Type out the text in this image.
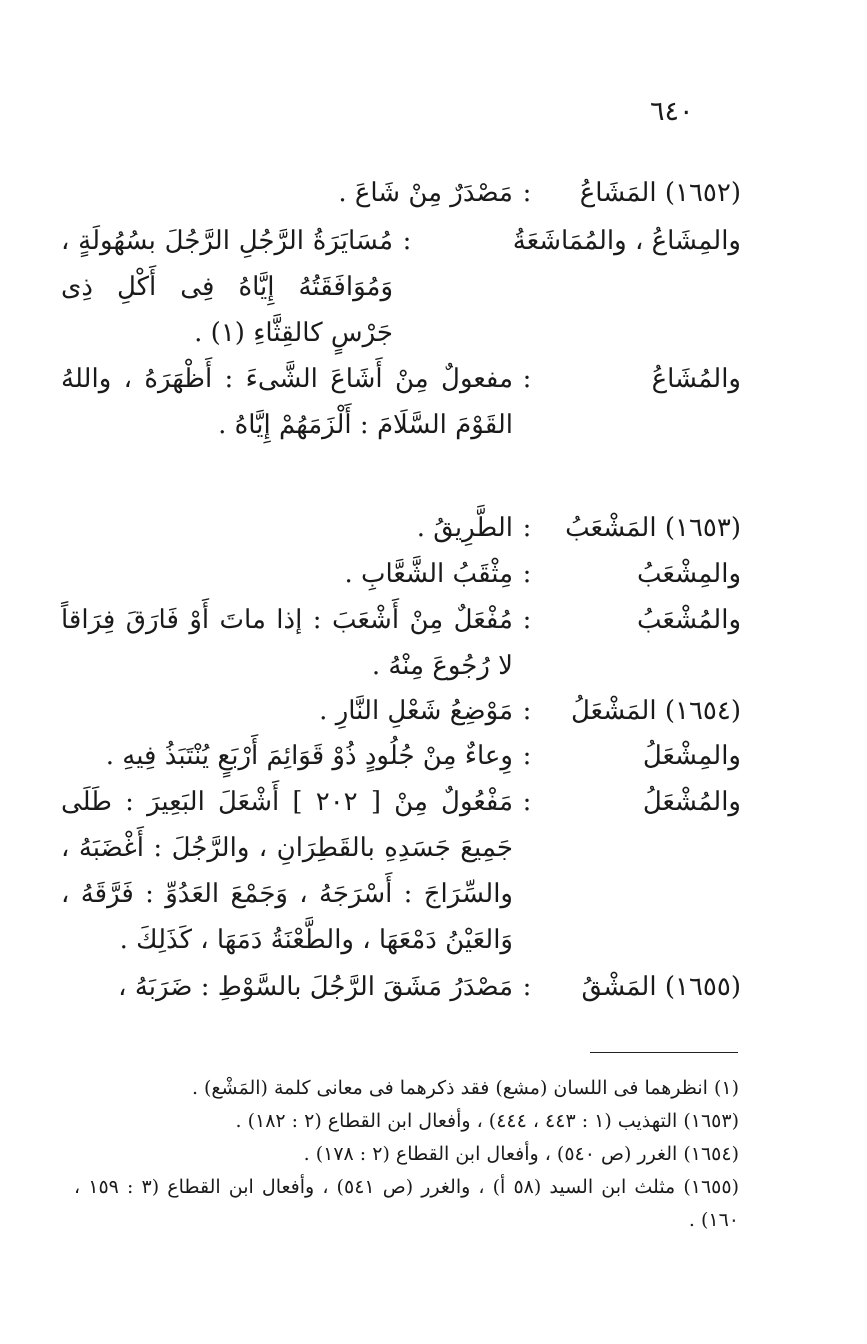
٦٤٠
(١٦٥٢) المَشَاعُ
:
مَصْدَرٌ مِنْ شَاعَ .
والمِشَاعُ ، والمُمَاشَعَةُ
:
مُسَايَرَةُ الرَّجُلِ الرَّجُلَ بسُهُولَةٍ ، وَمُوَافَقَتُهُ إِيَّاهُ فِى أَكْلِ ذِى جَرْسٍ كالقِثَّاءِ (١) .
والمُشَاعُ
:
مفعولٌ مِنْ أَشَاعَ الشَّىءَ : أَظْهَرَهُ ، واللهُ القَوْمَ السَّلَامَ : أَلْزَمَهُمْ إِيَّاهُ .
(١٦٥٣) المَشْعَبُ
:
الطَّرِيقُ .
والمِشْعَبُ
:
مِثْقَبُ الشَّعَّابِ .
والمُشْعَبُ
:
مُفْعَلٌ مِنْ أَشْعَبَ : إذا ماتَ أَوْ فَارَقَ فِرَاقاً لا رُجُوعَ مِنْهُ .
(١٦٥٤) المَشْعَلُ
:
مَوْضِعُ شَعْلِ النَّارِ .
والمِشْعَلُ
:
وِعاءٌ مِنْ جُلُودٍ ذُوْ قَوَائِمَ أَرْبَعٍ يُنْتَبَذُ فِيهِ .
والمُشْعَلُ
:
مَفْعُولٌ مِنْ [ ٢٠٢ ] أَشْعَلَ البَعِيرَ : طَلَى جَمِيعَ جَسَدِهِ بالقَطِرَانِ ، والرَّجُلَ : أَغْضَبَهُ ، والسِّرَاجَ : أَسْرَجَهُ ، وَجَمْعَ العَدُوِّ : فَرَّقَهُ ، وَالعَيْنُ دَمْعَهَا ، والطَّعْنَةُ دَمَهَا ، كَذَلِكَ .
(١٦٥٥) المَشْقُ
:
مَصْدَرُ مَشَقَ الرَّجُلَ بالسَّوْطِ : ضَرَبَهُ ،

(١) انظرهما فى اللسان (مشع) فقد ذكرهما فى معانى كلمة (المَشْع) .

(١٦٥٣) التهذيب (١ : ٤٤٣ ، ٤٤٤) ، وأفعال ابن القطاع (٢ : ١٨٢) .

(١٦٥٤) الغرر (ص ٥٤٠) ، وأفعال ابن القطاع (٢ : ١٧٨) .

(١٦٥٥) مثلث ابن السيد (٥٨ أ) ، والغرر (ص ٥٤١) ، وأفعال ابن القطاع (٣ : ١٥٩ ، ١٦٠) .
